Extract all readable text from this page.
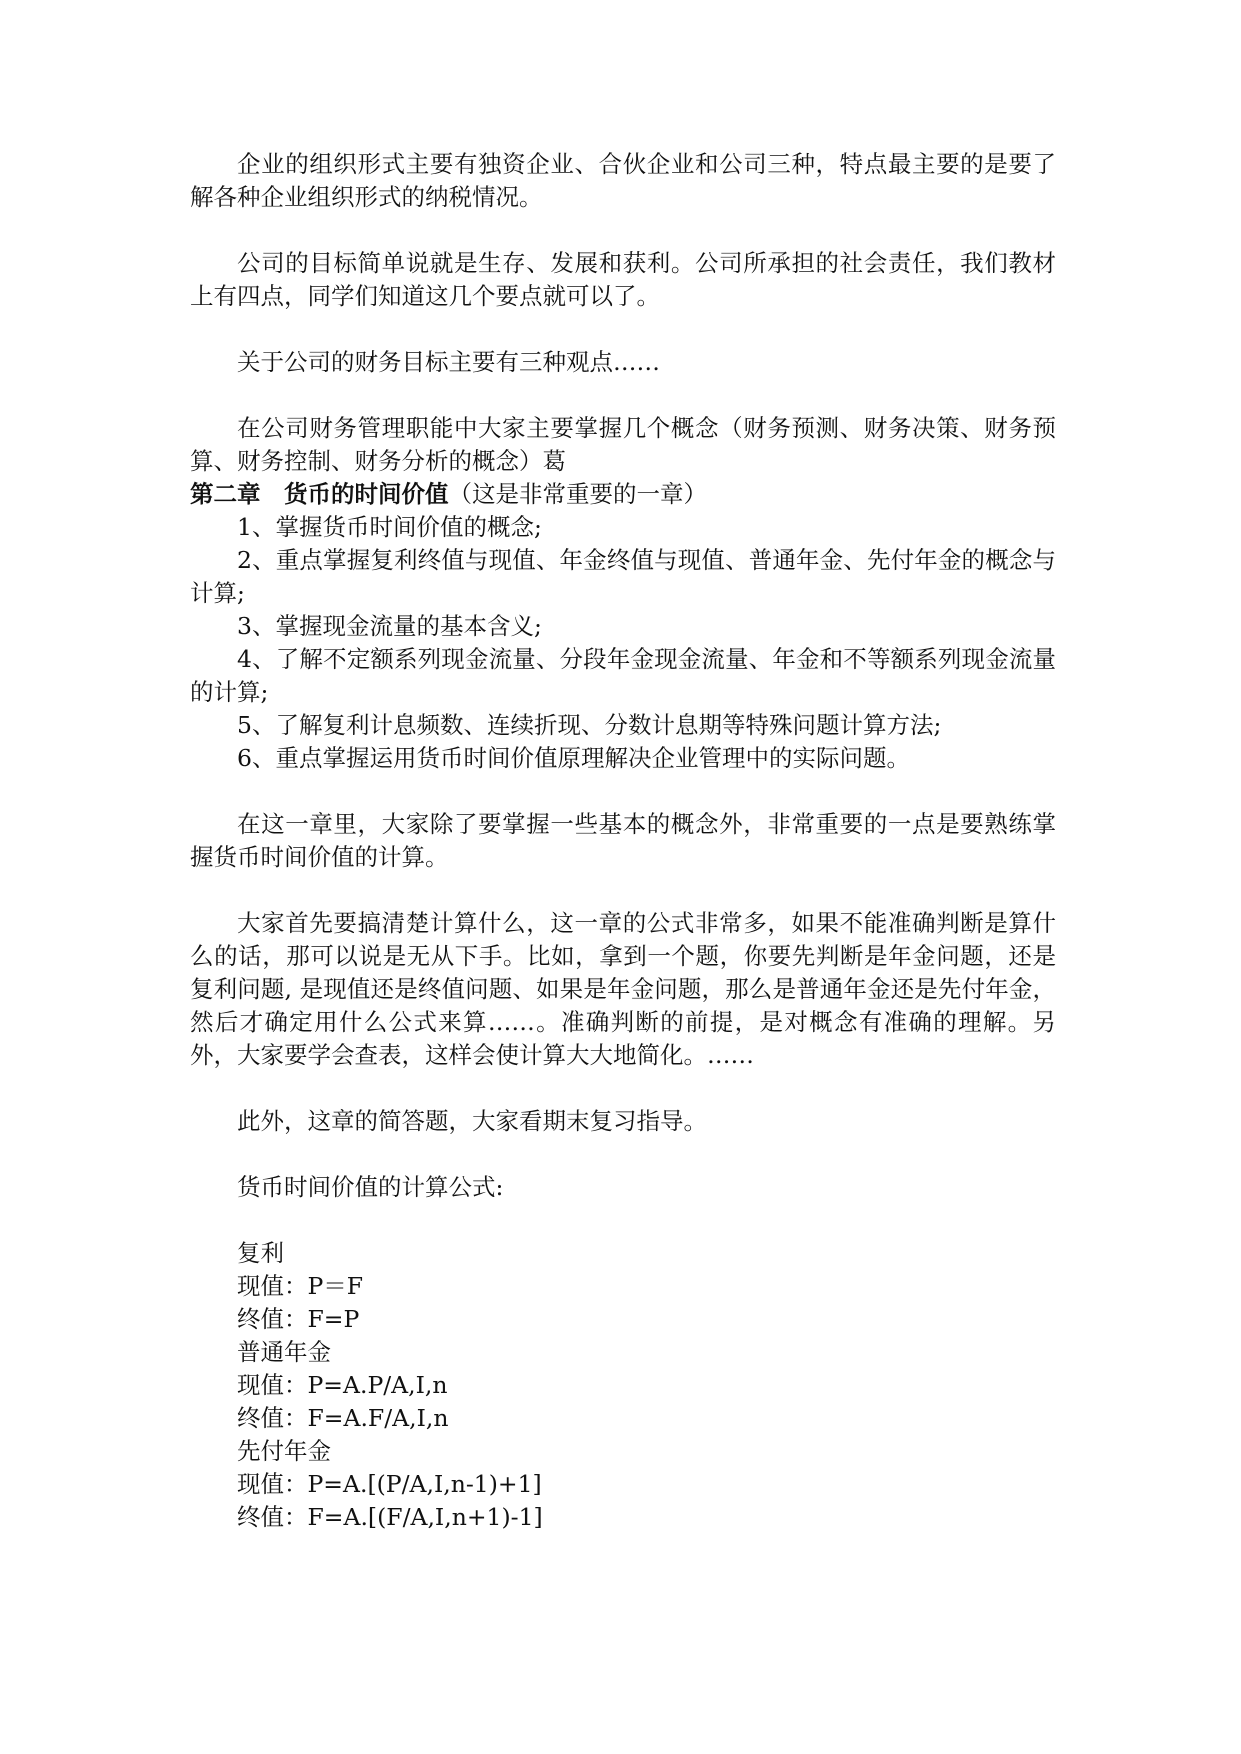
企业的组织形式主要有独资企业、合伙企业和公司三种，特点最主要的是要了解各种企业组织形式的纳税情况。

公司的目标简单说就是生存、发展和获利。公司所承担的社会责任，我们教材上有四点，同学们知道这几个要点就可以了。

关于公司的财务目标主要有三种观点……

在公司财务管理职能中大家主要掌握几个概念（财务预测、财务决策、财务预算、财务控制、财务分析的概念）葛

第二章　货币的时间价值（这是非常重要的一章）

1、掌握货币时间价值的概念;
2、重点掌握复利终值与现值、年金终值与现值、普通年金、先付年金的概念与计算;
3、掌握现金流量的基本含义;
4、了解不定额系列现金流量、分段年金现金流量、年金和不等额系列现金流量的计算;
5、了解复利计息频数、连续折现、分数计息期等特殊问题计算方法;
6、重点掌握运用货币时间价值原理解决企业管理中的实际问题。

在这一章里，大家除了要掌握一些基本的概念外，非常重要的一点是要熟练掌握货币时间价值的计算。

大家首先要搞清楚计算什么，这一章的公式非常多，如果不能准确判断是算什么的话，那可以说是无从下手。比如，拿到一个题，你要先判断是年金问题，还是复利问题, 是现值还是终值问题、如果是年金问题，那么是普通年金还是先付年金，然后才确定用什么公式来算……。准确判断的前提，是对概念有准确的理解。另外，大家要学会查表，这样会使计算大大地简化。……

此外，这章的简答题，大家看期末复习指导。

货币时间价值的计算公式:

复利

现值：P＝F

终值：F=P

普通年金

现值：P=A.P/A,I,n

终值：F=A.F/A,I,n

先付年金

现值：P=A.[(P/A,I,n-1)+1]

终值：F=A.[(F/A,I,n+1)-1]
